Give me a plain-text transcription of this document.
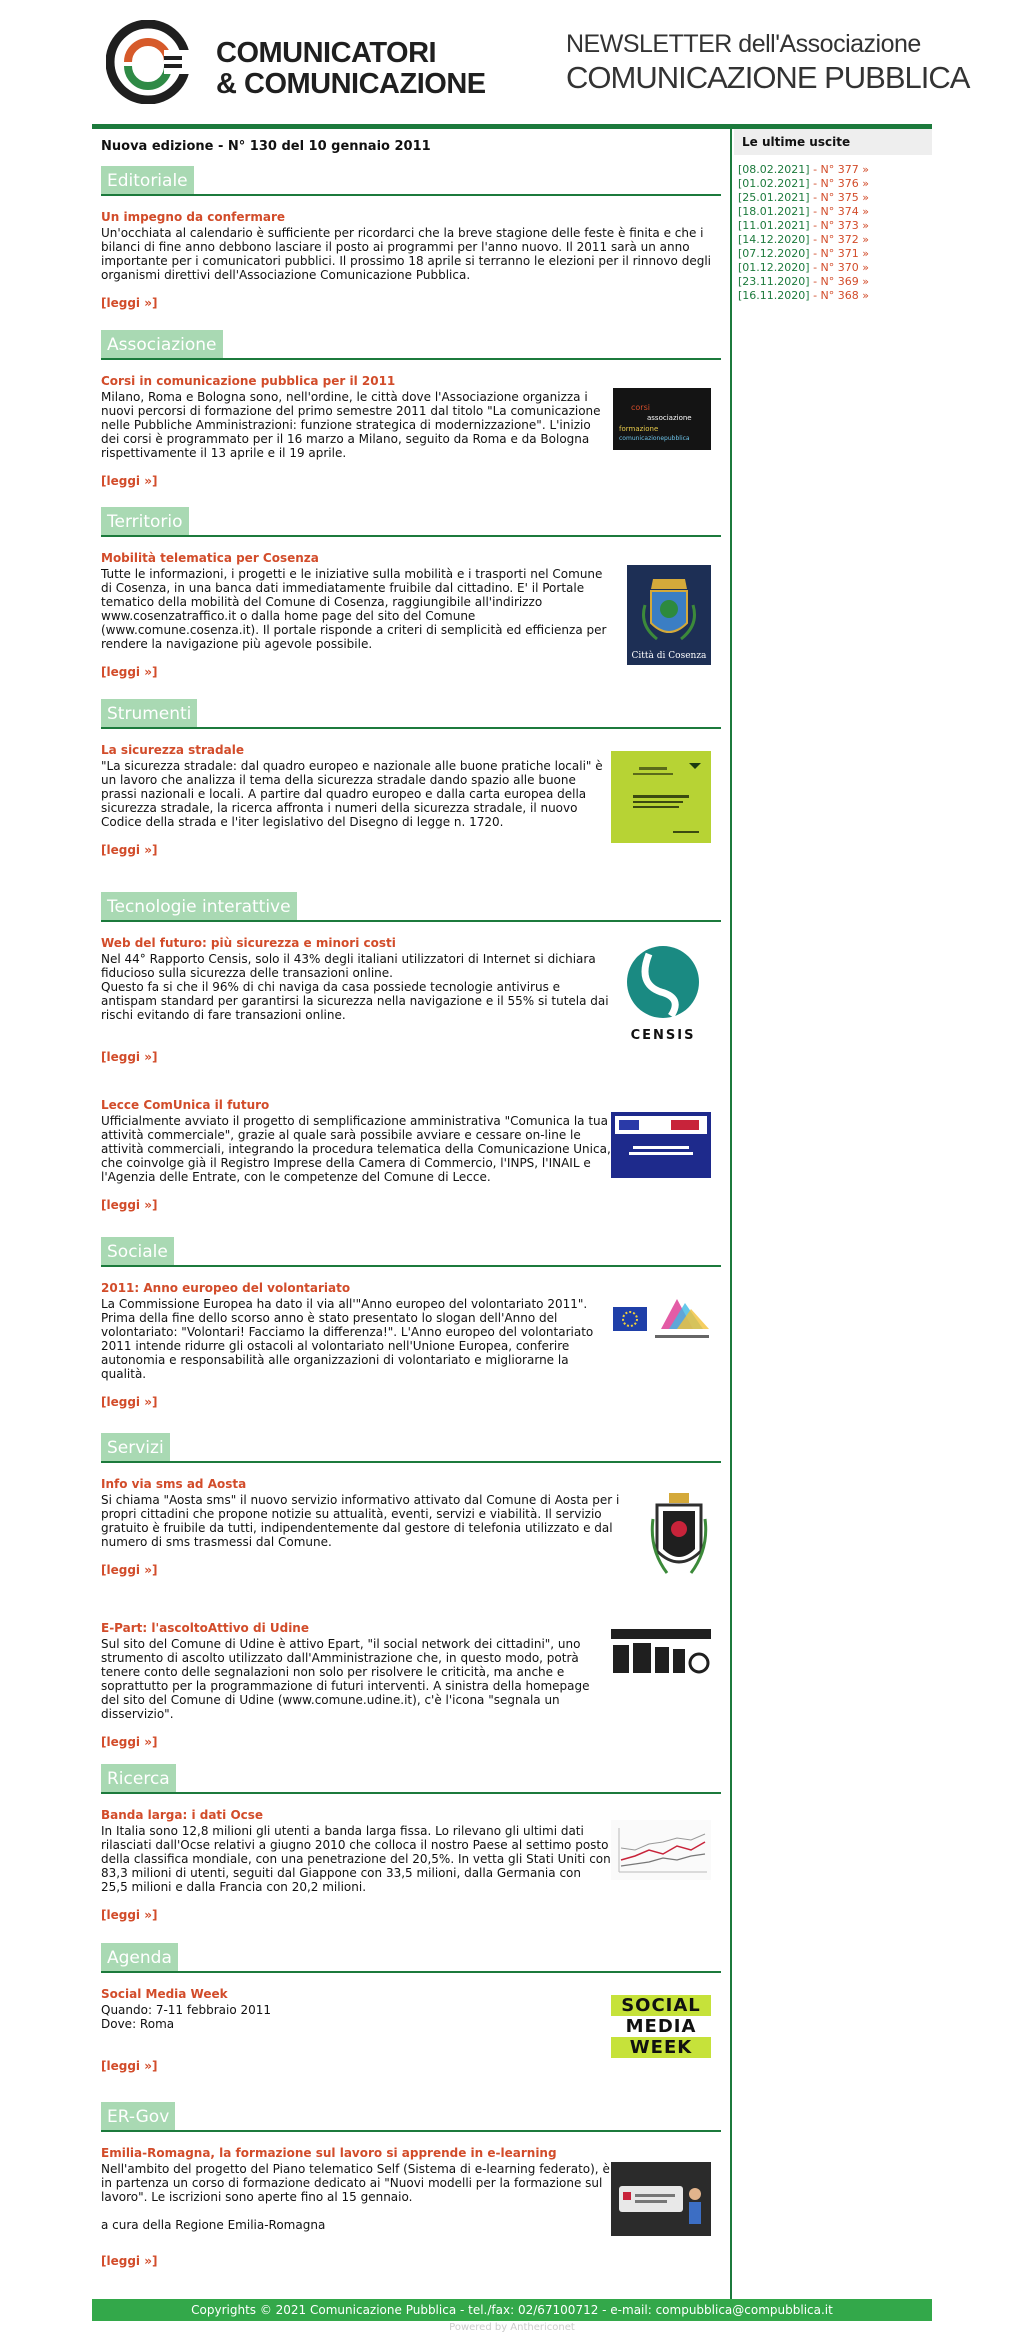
COMUNICATORI
& COMUNICAZIONE
NEWSLETTER dell'Associazione
COMUNICAZIONE PUBBLICA
Nuova edizione - N° 130 del 10 gennaio 2011
Editoriale
Un impegno da confermare
Un'occhiata al calendario è sufficiente per ricordarci che la breve stagione delle feste è finita e che i bilanci di fine anno debbono lasciare il posto ai programmi per l'anno nuovo. Il 2011 sarà un anno importante per i comunicatori pubblici. Il prossimo 18 aprile si terranno le elezioni per il rinnovo degli organismi direttivi dell'Associazione Comunicazione Pubblica.
[leggi »]
Associazione
Corsi in comunicazione pubblica per il 2011
Milano, Roma e Bologna sono, nell'ordine, le città dove l'Associazione organizza i nuovi percorsi di formazione del primo semestre 2011 dal titolo "La comunicazione nelle Pubbliche Amministrazioni: funzione strategica di modernizzazione". L'inizio dei corsi è programmato per il 16 marzo a Milano, seguito da Roma e da Bologna rispettivamente il 13 aprile e il 19 aprile.
[leggi »]
corsi
associazione
formazione
comunicazionepubblica
Territorio
Mobilità telematica per Cosenza
Tutte le informazioni, i progetti e le iniziative sulla mobilità e i trasporti nel Comune di Cosenza, in una banca dati immediatamente fruibile dal cittadino. E' il Portale tematico della mobilità del Comune di Cosenza, raggiungibile all'indirizzo www.cosenzatraffico.it o dalla home page del sito del Comune (www.comune.cosenza.it). Il portale risponde a criteri di semplicità ed efficienza per rendere la navigazione più agevole possibile.
[leggi »]
Città di Cosenza
Strumenti
La sicurezza stradale
"La sicurezza stradale: dal quadro europeo e nazionale alle buone pratiche locali" è un lavoro che analizza il tema della sicurezza stradale dando spazio alle buone prassi nazionali e locali. A partire dal quadro europeo e dalla carta europea della sicurezza stradale, la ricerca affronta i numeri della sicurezza stradale, il nuovo Codice della strada e l'iter legislativo del Disegno di legge n. 1720.
[leggi »]
Tecnologie interattive
Web del futuro: più sicurezza e minori costi
Nel 44° Rapporto Censis, solo il 43% degli italiani utilizzatori di Internet si dichiara fiducioso sulla sicurezza delle transazioni online.
Questo fa si che il 96% di chi naviga da casa possiede tecnologie antivirus e antispam standard per garantirsi la sicurezza nella navigazione e il 55% si tutela dai rischi evitando di fare transazioni online.
[leggi »]
CENSIS
Lecce ComUnica il futuro
Ufficialmente avviato il progetto di semplificazione amministrativa "Comunica la tua attività commerciale", grazie al quale sarà possibile avviare e cessare on-line le attività commerciali, integrando la procedura telematica della Comunicazione Unica, che coinvolge già il Registro Imprese della Camera di Commercio, l'INPS, l'INAIL e l'Agenzia delle Entrate, con le competenze del Comune di Lecce.
[leggi »]
Sociale
2011: Anno europeo del volontariato
La Commissione Europea ha dato il via all'"Anno europeo del volontariato 2011". Prima della fine dello scorso anno è stato presentato lo slogan dell'Anno del volontariato: "Volontari! Facciamo la differenza!". L'Anno europeo del volontariato 2011 intende ridurre gli ostacoli al volontariato nell'Unione Europea, conferire autonomia e responsabilità alle organizzazioni di volontariato e migliorarne la qualità.
[leggi »]
Servizi
Info via sms ad Aosta
Si chiama "Aosta sms" il nuovo servizio informativo attivato dal Comune di Aosta per i propri cittadini che propone notizie su attualità, eventi, servizi e viabilità. Il servizio gratuito è fruibile da tutti, indipendentemente dal gestore di telefonia utilizzato e dal numero di sms trasmessi dal Comune.
[leggi »]
E-Part: l'ascoltoAttivo di Udine
Sul sito del Comune di Udine è attivo Epart, "il social network dei cittadini", uno strumento di ascolto utilizzato dall'Amministrazione che, in questo modo, potrà tenere conto delle segnalazioni non solo per risolvere le criticità, ma anche e soprattutto per la programmazione di futuri interventi. A sinistra della homepage del sito del Comune di Udine (www.comune.udine.it), c'è l'icona "segnala un disservizio".
[leggi »]
Ricerca
Banda larga: i dati Ocse
In Italia sono 12,8 milioni gli utenti a banda larga fissa. Lo rilevano gli ultimi dati rilasciati dall'Ocse relativi a giugno 2010 che colloca il nostro Paese al settimo posto della classifica mondiale, con una penetrazione del 20,5%. In vetta gli Stati Uniti con 83,3 milioni di utenti, seguiti dal Giappone con 33,5 milioni, dalla Germania con 25,5 milioni e dalla Francia con 20,2 milioni.
[leggi »]
Agenda
Social Media Week
Quando: 7-11 febbraio 2011
Dove: Roma
[leggi »]
SOCIAL
MEDIA
WEEK
ER-Gov
Emilia-Romagna, la formazione sul lavoro si apprende in e-learning
Nell'ambito del progetto del Piano telematico Self (Sistema di e-learning federato), è in partenza un corso di formazione dedicato ai "Nuovi modelli per la formazione sul lavoro". Le iscrizioni sono aperte fino al 15 gennaio.

a cura della Regione Emilia-Romagna
[leggi »]
Le ultime uscite
[08.02.2021] - N° 377 »
[01.02.2021] - N° 376 »
[25.01.2021] - N° 375 »
[18.01.2021] - N° 374 »
[11.01.2021] - N° 373 »
[14.12.2020] - N° 372 »
[07.12.2020] - N° 371 »
[01.12.2020] - N° 370 »
[23.11.2020] - N° 369 »
[16.11.2020] - N° 368 »
Copyrights © 2021 Comunicazione Pubblica - tel./fax: 02/67100712 - e-mail: compubblica@compubblica.it
Powered by Anthericonet
